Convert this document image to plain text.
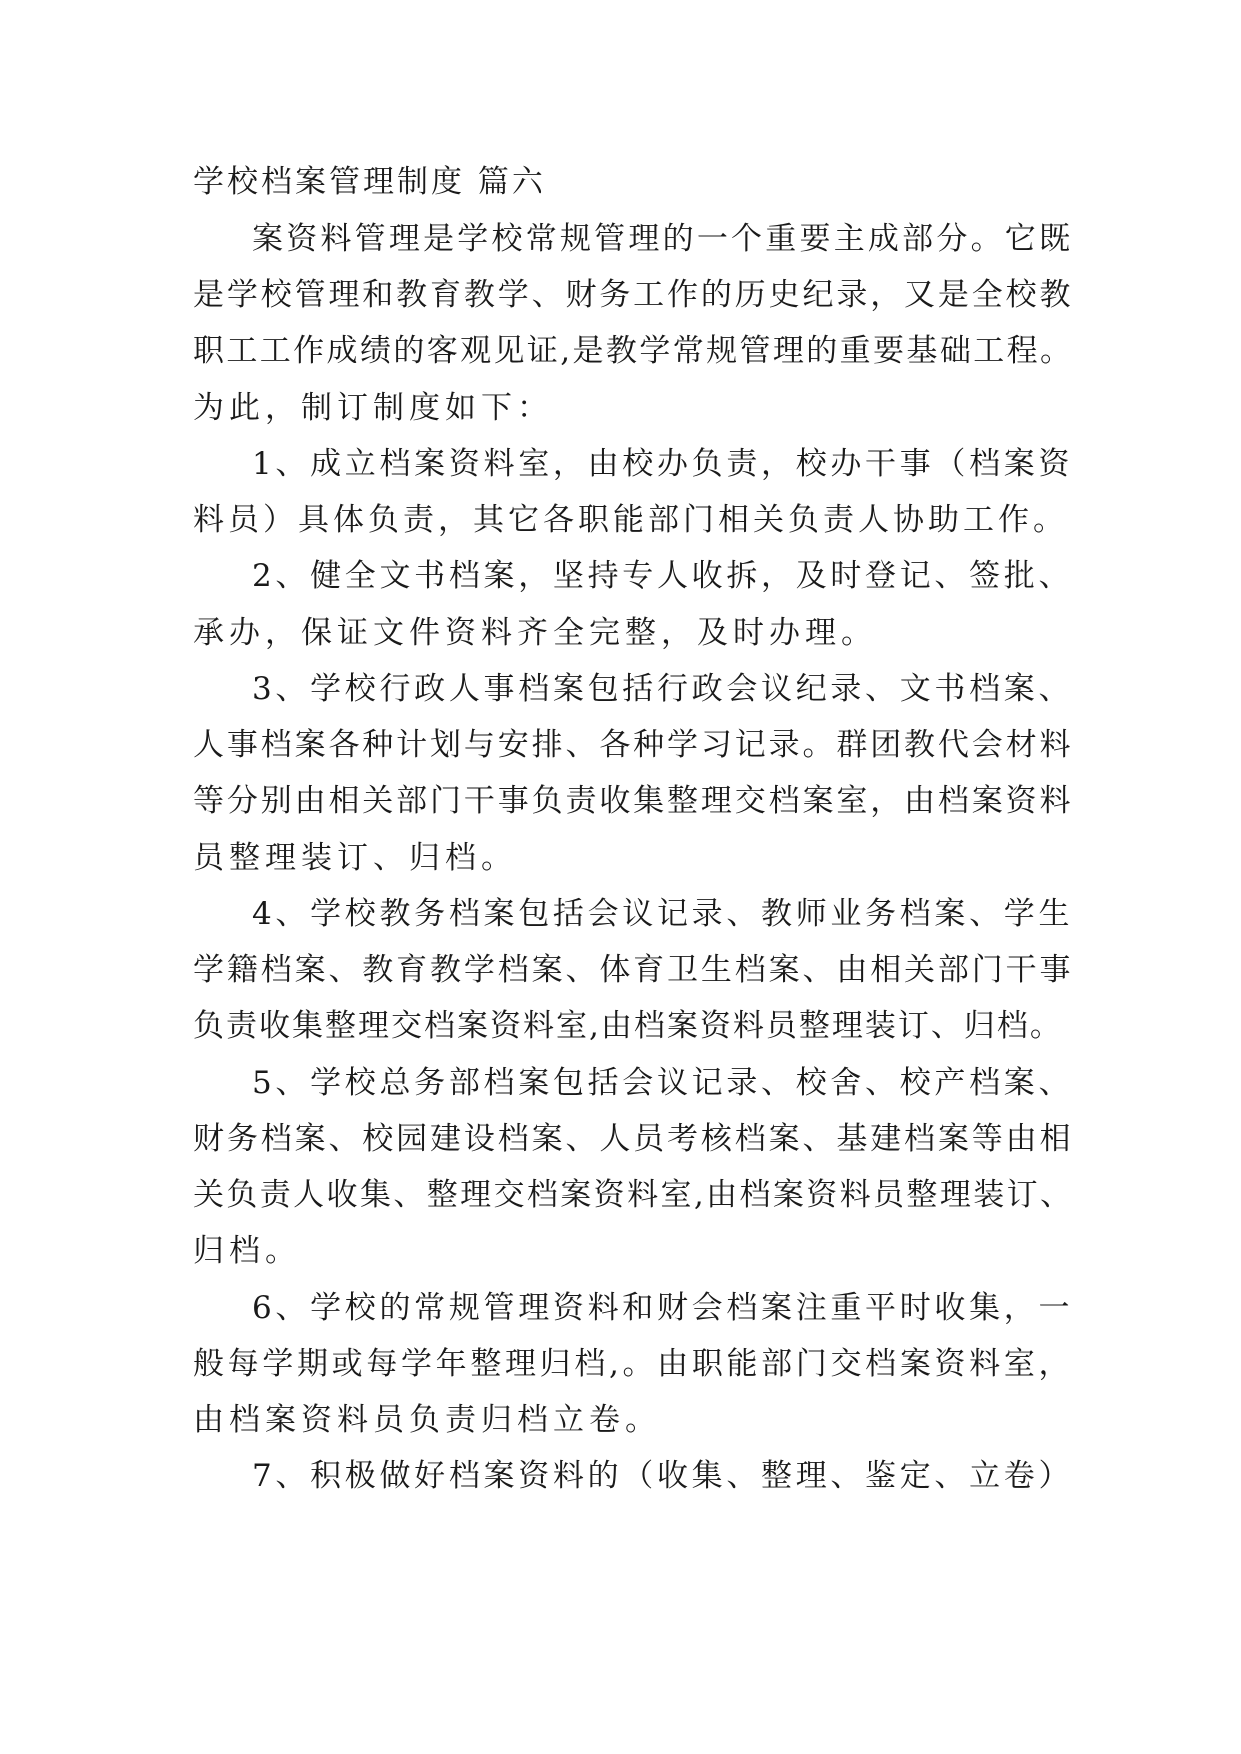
学校档案管理制度 篇六
案资料管理是学校常规管理的一个重要主成部分。它既
是学校管理和教育教学、财务工作的历史纪录，又是全校教
职工工作成绩的客观见证,是教学常规管理的重要基础工程。
为此，制订制度如下：
1、成立档案资料室，由校办负责，校办干事（档案资
料员）具体负责，其它各职能部门相关负责人协助工作。
2、健全文书档案，坚持专人收拆，及时登记、签批、
承办，保证文件资料齐全完整，及时办理。
3、学校行政人事档案包括行政会议纪录、文书档案、
人事档案各种计划与安排、各种学习记录。群团教代会材料
等分别由相关部门干事负责收集整理交档案室，由档案资料
员整理装订、归档。
4、学校教务档案包括会议记录、教师业务档案、学生
学籍档案、教育教学档案、体育卫生档案、由相关部门干事
负责收集整理交档案资料室,由档案资料员整理装订、归档。
5、学校总务部档案包括会议记录、校舍、校产档案、
财务档案、校园建设档案、人员考核档案、基建档案等由相
关负责人收集、整理交档案资料室,由档案资料员整理装订、
归档。
6、学校的常规管理资料和财会档案注重平时收集，一
般每学期或每学年整理归档,。由职能部门交档案资料室，
由档案资料员负责归档立卷。
7、积极做好档案资料的（收集、整理、鉴定、立卷）
